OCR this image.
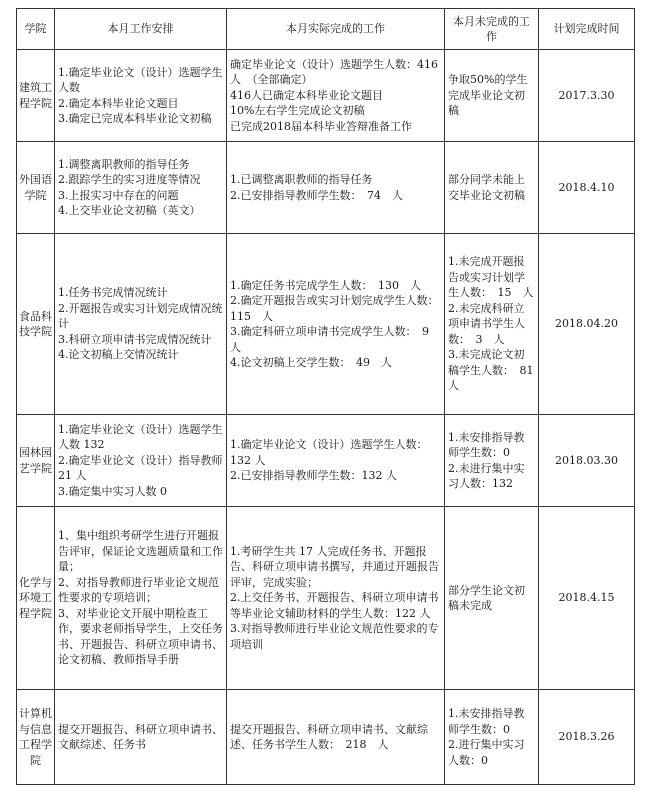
学院	本月工作安排	本月实际完成的工作	本月未完成的工作	计划完成时间
建筑工程学院	1.确定毕业论文（设计）选题学生人数
2.确定本科毕业论文题目
3.确定已完成本科毕业论文初稿	确定毕业论文（设计）选题学生人数：416　人　（全部确定）
416人已确定本科毕业论文题目
10%左右学生完成论文初稿
已完成2018届本科毕业答辩准备工作	争取50%的学生完成毕业论文初稿	2017.3.30
外国语学院	1.调整离职教师的指导任务
2.跟踪学生的实习进度等情况
3.上报实习中存在的问题
4.上交毕业论文初稿（英文）	1.已调整离职教师的指导任务
2.已安排指导教师学生数：　74　人	部分同学未能上交毕业论文初稿	2018.4.10
食品科技学院	1.任务书完成情况统计
2.开题报告或实习计划完成情况统计
3.科研立项申请书完成情况统计
4.论文初稿上交情况统计	1.确定任务书完成学生人数：　130　人
2.确定开题报告或实习计划完成学生人数：　115　人
3.确定科研立项申请书完成学生人数：　9　人
4.论文初稿上交学生数：　49　人	1.未完成开题报告或实习计划学生人数：　15　人
2.未完成科研立项申请书学生人数：　3　人
3.未完成论文初稿学生人数：　81　人	2018.04.20
园林园艺学院	1.确定毕业论文（设计）选题学生人数 132
2.确定毕业论文（设计）指导教师 21 人
3.确定集中实习人数 0	1.确定毕业论文（设计）选题学生人数：132 人
2.已安排指导教师学生数：132 人	1.未安排指导教师学生数：0
2.未进行集中实习人数：132	2018.03.30
化学与环境工程学院	1、集中组织考研学生进行开题报告评审，保证论文选题质量和工作量；
2、对指导教师进行毕业论文规范性要求的专项培训；
3、对毕业论文开展中期检查工作，要求老师指导学生，上交任务书、开题报告、科研立项申请书、论文初稿、教师指导手册	1.考研学生共 17 人完成任务书、开题报告、科研立项申请书撰写，并通过开题报告评审，完成实验；
2.上交任务书、开题报告、科研立项申请书等毕业论文辅助材料的学生人数：122 人
3.对指导教师进行毕业论文规范性要求的专项培训	部分学生论文初稿未完成	2018.4.15
计算机与信息工程学院	提交开题报告、科研立项申请书、文献综述、任务书	提交开题报告、科研立项申请书、文献综述、任务书学生人数：　218　人	1.未安排指导教师学生数：0
2.进行集中实习人数：0	2018.3.26
